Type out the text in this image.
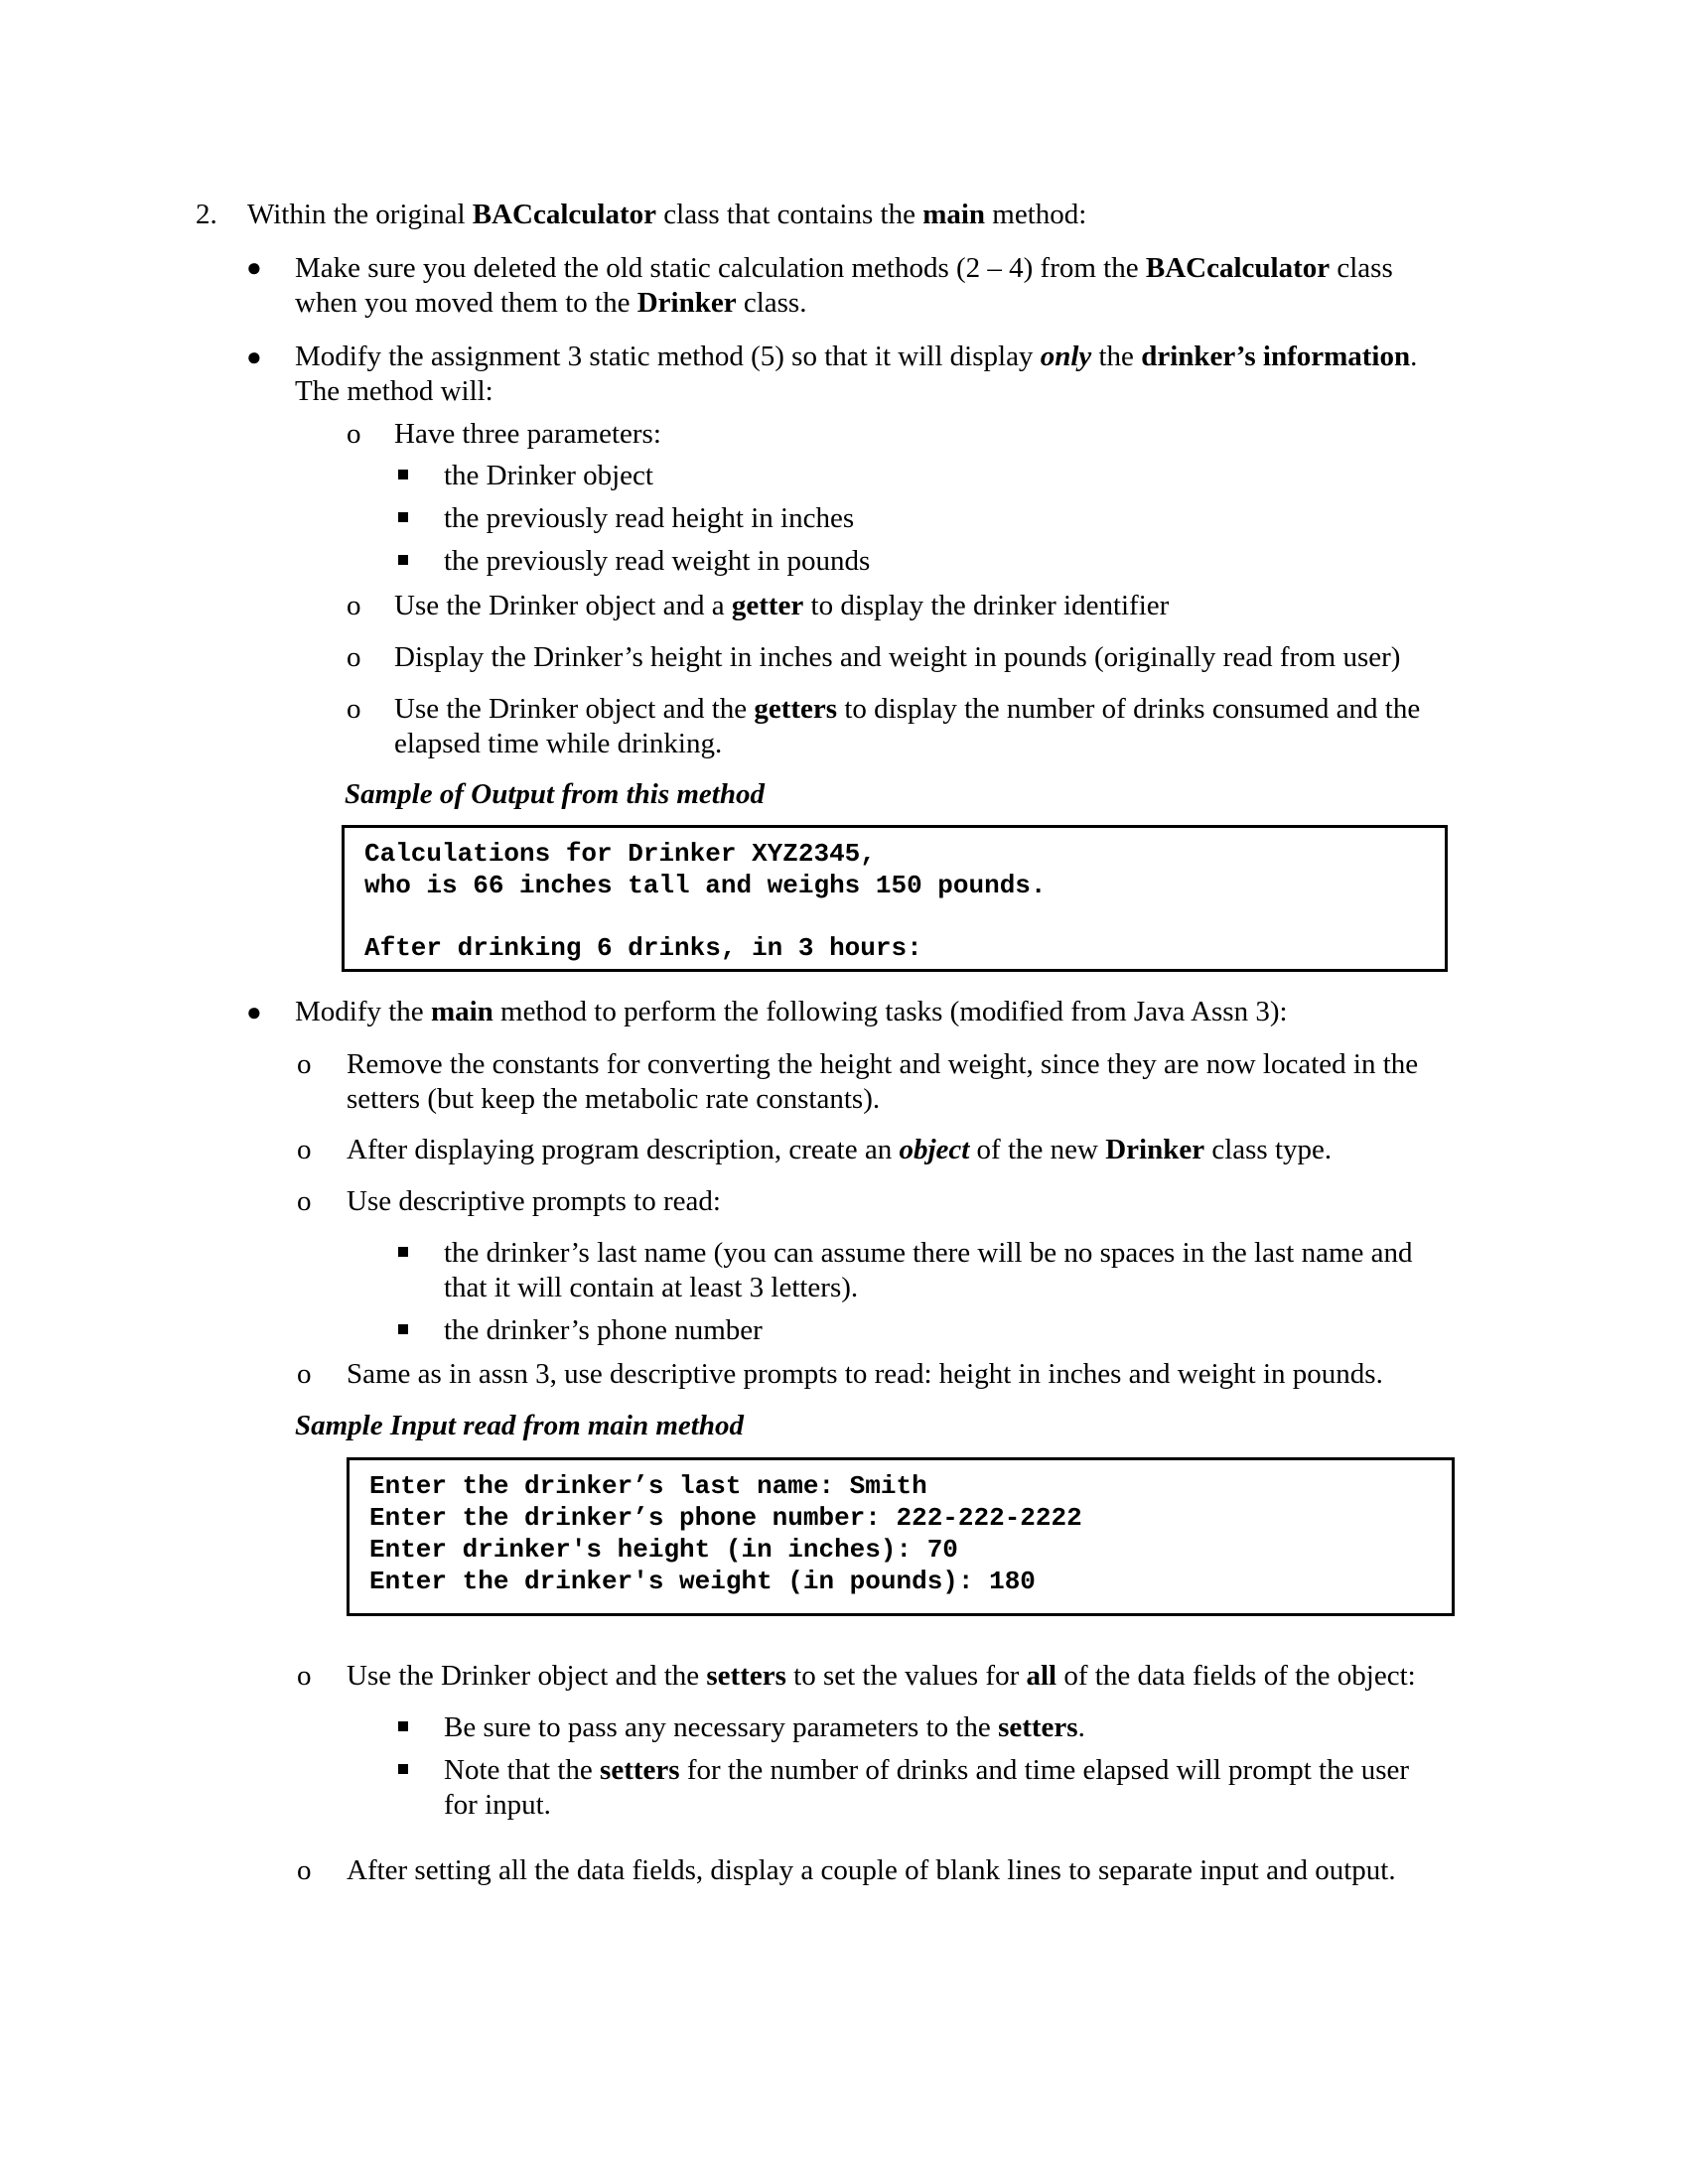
2. Within the original BACcalculator class that contains the main method:
● Make sure you deleted the old static calculation methods (2 – 4) from the BACcalculator class
when you moved them to the Drinker class.
● Modify the assignment 3 static method (5) so that it will display only the drinker’s information.
The method will:
o Have three parameters:
the Drinker object
the previously read height in inches
the previously read weight in pounds
o Use the Drinker object and a getter to display the drinker identifier
o Display the Drinker’s height in inches and weight in pounds (originally read from user)
o Use the Drinker object and the getters to display the number of drinks consumed and the
elapsed time while drinking.
Sample of Output from this method
Calculations for Drinker XYZ2345,
who is 66 inches tall and weighs 150 pounds.
After drinking 6 drinks, in 3 hours:
● Modify the main method to perform the following tasks (modified from Java Assn 3):
o Remove the constants for converting the height and weight, since they are now located in the
setters (but keep the metabolic rate constants).
o After displaying program description, create an object of the new Drinker class type.
o Use descriptive prompts to read:
the drinker’s last name (you can assume there will be no spaces in the last name and
that it will contain at least 3 letters).
the drinker’s phone number
o Same as in assn 3, use descriptive prompts to read: height in inches and weight in pounds.
Sample Input read from main method
Enter the drinker’s last name: Smith
Enter the drinker’s phone number: 222-222-2222
Enter drinker's height (in inches): 70
Enter the drinker's weight (in pounds): 180
o Use the Drinker object and the setters to set the values for all of the data fields of the object:
Be sure to pass any necessary parameters to the setters.
Note that the setters for the number of drinks and time elapsed will prompt the user
for input.
o After setting all the data fields, display a couple of blank lines to separate input and output.
